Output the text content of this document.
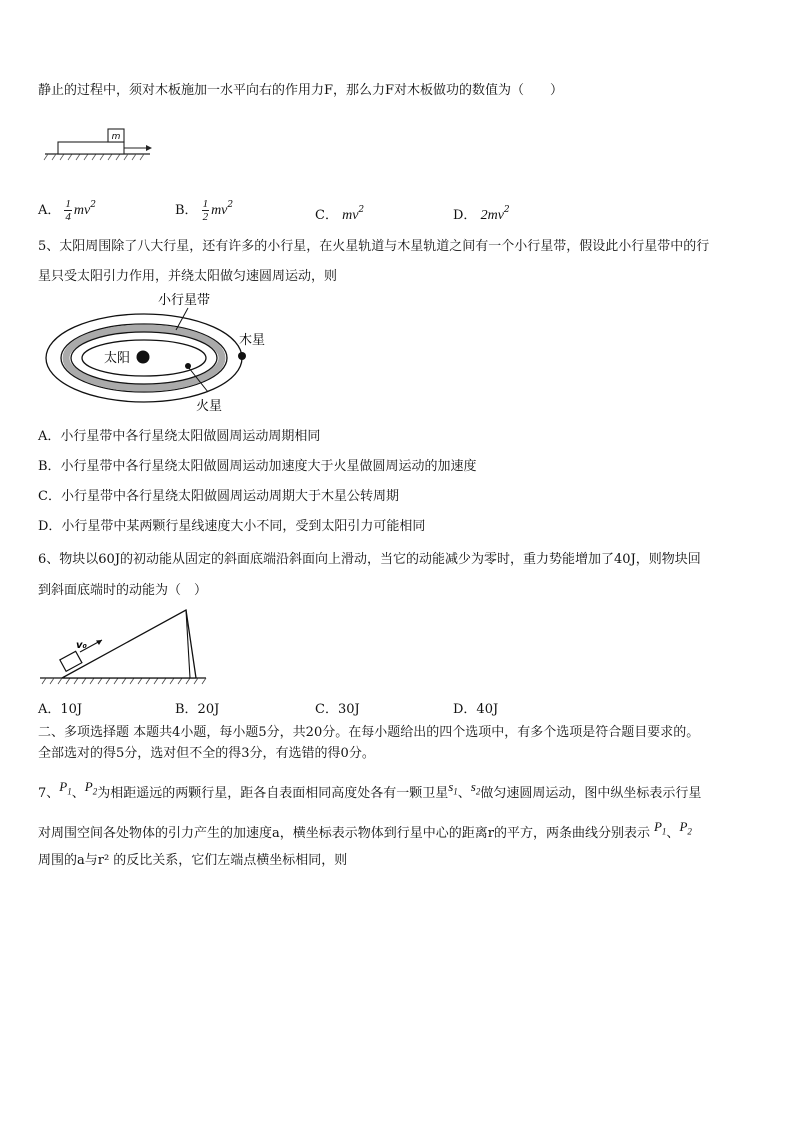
静止的过程中，须对木板施加一水平向右的作用力F，那么力F对木板做功的数值为（　　）
m
A． $\frac{1}{4} mv^2$	B． $\frac{1}{2} mv^2$
C． $mv^2$	D． $2mv^2$
5、太阳周围除了八大行星，还有许多的小行星，在火星轨道与木星轨道之间有一个小行星带，假设此小行星带中的行
星只受太阳引力作用，并绕太阳做匀速圆周运动，则
太阳
火星
木星
小行星带
A．小行星带中各行星绕太阳做圆周运动周期相同
B．小行星带中各行星绕太阳做圆周运动加速度大于火星做圆周运动的加速度
C．小行星带中各行星绕太阳做圆周运动周期大于木星公转周期
D．小行星带中某两颗行星线速度大小不同，受到太阳引力可能相同
6、物块以60J的初动能从固定的斜面底端沿斜面向上滑动，当它的动能减少为零时，重力势能增加了40J，则物块回
到斜面底端时的动能为（　）
v₀
A．10J	B．20J	C．30J	D．40J
二、多项选择题 本题共4小题，每小题5分，共20分。在每小题给出的四个选项中，有多个选项是符合题目要求的。
全部选对的得5分，选对但不全的得3分，有选错的得0分。
7、$P_1$、$P_2$为相距遥远的两颗行星，距各自表面相同高度处各有一颗卫星$s_1$、$s_2$做匀速圆周运动，图中纵坐标表示行星
对周围空间各处物体的引力产生的加速度a，横坐标表示物体到行星中心的距离r的平方，两条曲线分别表示 $P_1$、$P_2$
周围的a与r² 的反比关系，它们左端点横坐标相同，则
